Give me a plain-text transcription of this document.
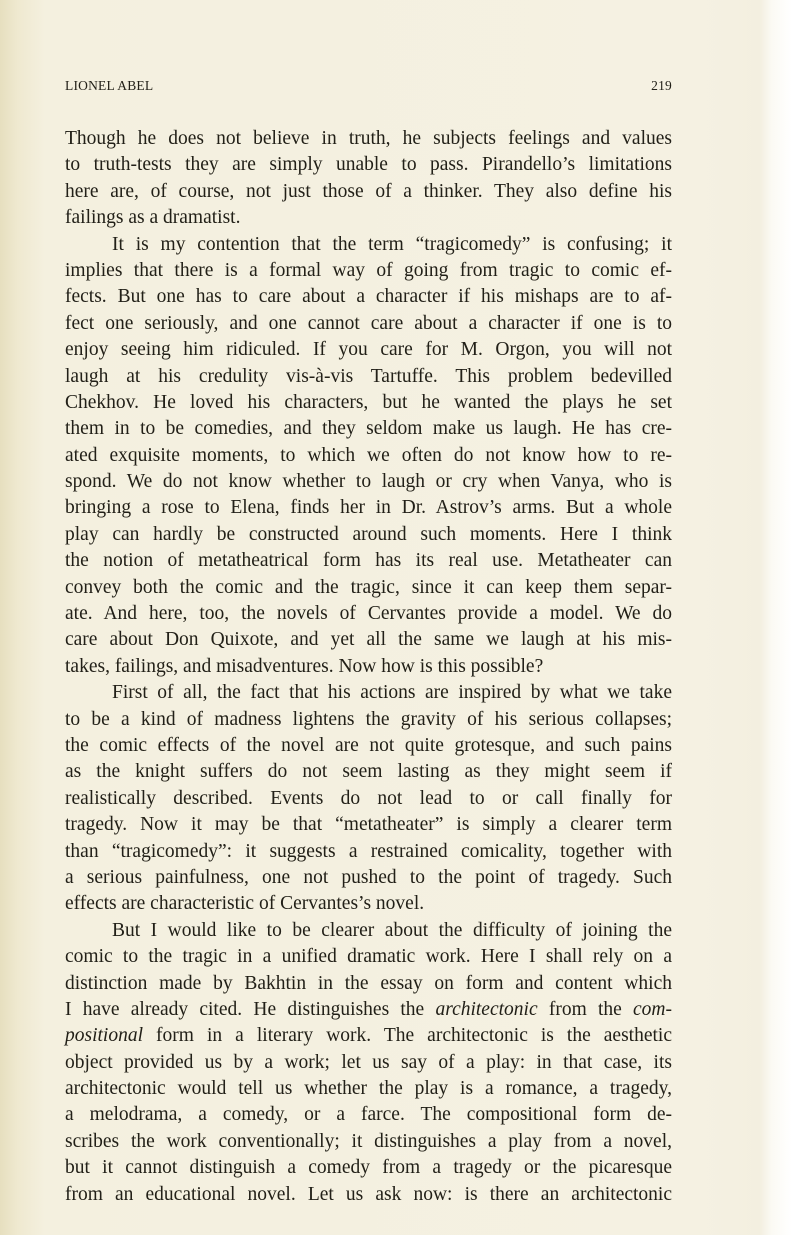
LIONEL ABEL	219
Though he does not believe in truth, he subjects feelings and values
to truth-tests they are simply unable to pass. Pirandello’s limitations
here are, of course, not just those of a thinker. They also define his
failings as a dramatist.
It is my contention that the term “tragicomedy” is confusing; it
implies that there is a formal way of going from tragic to comic ef-
fects. But one has to care about a character if his mishaps are to af-
fect one seriously, and one cannot care about a character if one is to
enjoy seeing him ridiculed. If you care for M. Orgon, you will not
laugh at his credulity vis-à-vis Tartuffe. This problem bedevilled
Chekhov. He loved his characters, but he wanted the plays he set
them in to be comedies, and they seldom make us laugh. He has cre-
ated exquisite moments, to which we often do not know how to re-
spond. We do not know whether to laugh or cry when Vanya, who is
bringing a rose to Elena, finds her in Dr. Astrov’s arms. But a whole
play can hardly be constructed around such moments. Here I think
the notion of metatheatrical form has its real use. Metatheater can
convey both the comic and the tragic, since it can keep them separ-
ate. And here, too, the novels of Cervantes provide a model. We do
care about Don Quixote, and yet all the same we laugh at his mis-
takes, failings, and misadventures. Now how is this possible?
First of all, the fact that his actions are inspired by what we take
to be a kind of madness lightens the gravity of his serious collapses;
the comic effects of the novel are not quite grotesque, and such pains
as the knight suffers do not seem lasting as they might seem if
realistically described. Events do not lead to or call finally for
tragedy. Now it may be that “metatheater” is simply a clearer term
than “tragicomedy”: it suggests a restrained comicality, together with
a serious painfulness, one not pushed to the point of tragedy. Such
effects are characteristic of Cervantes’s novel.
But I would like to be clearer about the difficulty of joining the
comic to the tragic in a unified dramatic work. Here I shall rely on a
distinction made by Bakhtin in the essay on form and content which
I have already cited. He distinguishes the architectonic from the com-
positional form in a literary work. The architectonic is the aesthetic
object provided us by a work; let us say of a play: in that case, its
architectonic would tell us whether the play is a romance, a tragedy,
a melodrama, a comedy, or a farce. The compositional form de-
scribes the work conventionally; it distinguishes a play from a novel,
but it cannot distinguish a comedy from a tragedy or the picaresque
from an educational novel. Let us ask now: is there an architectonic
